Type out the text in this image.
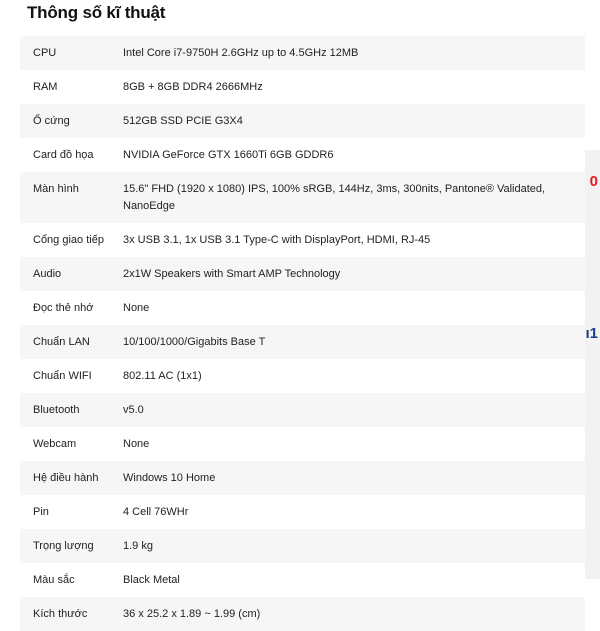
Thông số kĩ thuật
CPU	Intel Core i7-9750H 2.6GHz up to 4.5GHz 12MB
RAM	8GB + 8GB DDR4 2666MHz
Ổ cứng	512GB SSD PCIE G3X4
Card đồ họa	NVIDIA GeForce GTX 1660Ti 6GB GDDR6
Màn hình	15.6" FHD (1920 x 1080) IPS, 100% sRGB, 144Hz, 3ms, 300nits, Pantone® Validated, NanoEdge
Cổng giao tiếp	3x USB 3.1, 1x USB 3.1 Type-C with DisplayPort, HDMI, RJ-45
Audio	2x1W Speakers with Smart AMP Technology
Đọc thẻ nhớ	None
Chuẩn LAN	10/100/1000/Gigabits Base T
Chuẩn WIFI	802.11 AC (1x1)
Bluetooth	v5.0
Webcam	None
Hệ điều hành	Windows 10 Home
Pin	4 Cell 76WHr
Trọng lượng	1.9 kg
Màu sắc	Black Metal
Kích thước	36 x 25.2 x 1.89 ~ 1.99 (cm)
0
ı1
